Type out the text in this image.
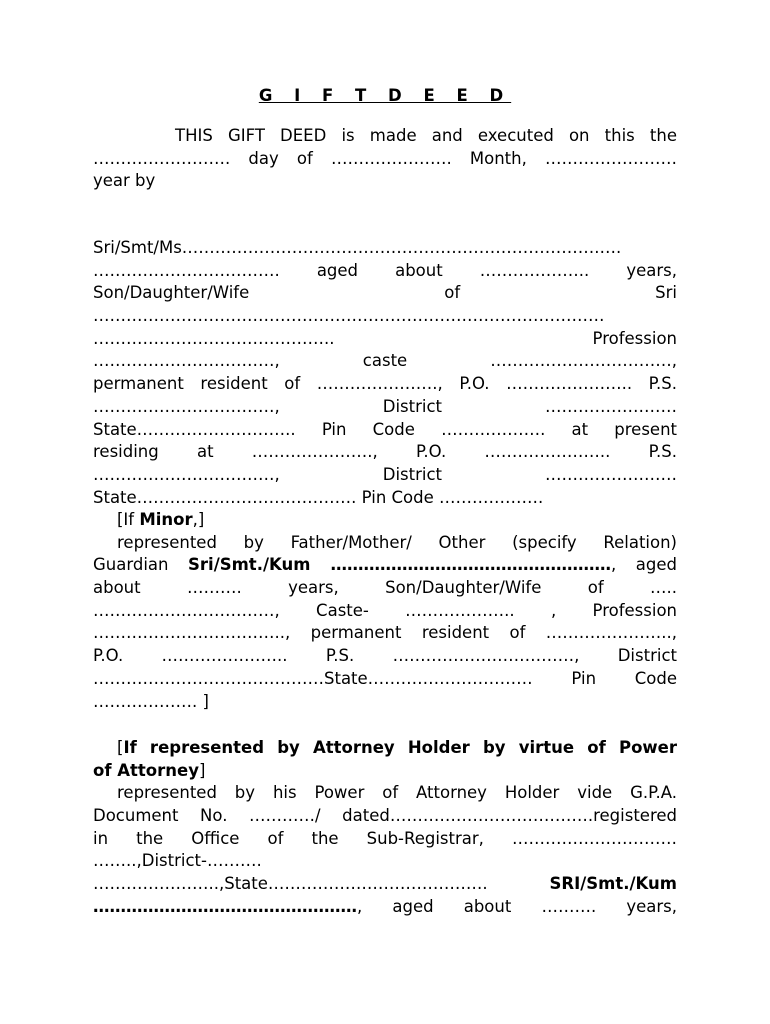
G I F T D E E D
THIS GIFT DEED is made and executed on this the
……………………. day of …………………. Month, ……………………
year by
Sri/Smt/Ms………………………………………………………………….….
……………………………. aged about ……………….. years,
Son/Daughter/Wife of Sri
…………………………………………………………………………………
…………………………………….. Profession
……………………………, caste ……………………………,
permanent resident of …………………., P.O. ………………….. P.S.
……………………………, District ……………………
State……………………….. Pin Code ………………. at present
residing at …………………., P.O. ………………….. P.S.
……………………………, District ……………………
State…………………………………. Pin Code ……………….
[If Minor,]
represented by Father/Mother/ Other (specify Relation)
Guardian Sri/Smt./Kum ……………………………………………, aged
about ………. years, Son/Daughter/Wife of …..
……………………………, Caste- ……………….. , Profession
…………………………….., permanent resident of …………………..,
P.O. ………………….. P.S. ……………………………, District
……………………………………State………………………… Pin Code
………………. ]
[If represented by Attorney Holder by virtue of Power
of Attorney]
represented by his Power of Attorney Holder vide G.P.A.
Document No. …………/ dated……………………………….registered
in the Office of the Sub-Registrar, …………………………
……..,District-……….
…………………..,State…………………………………. SRI/Smt./Kum
…………………………………………, aged about ………. years,
